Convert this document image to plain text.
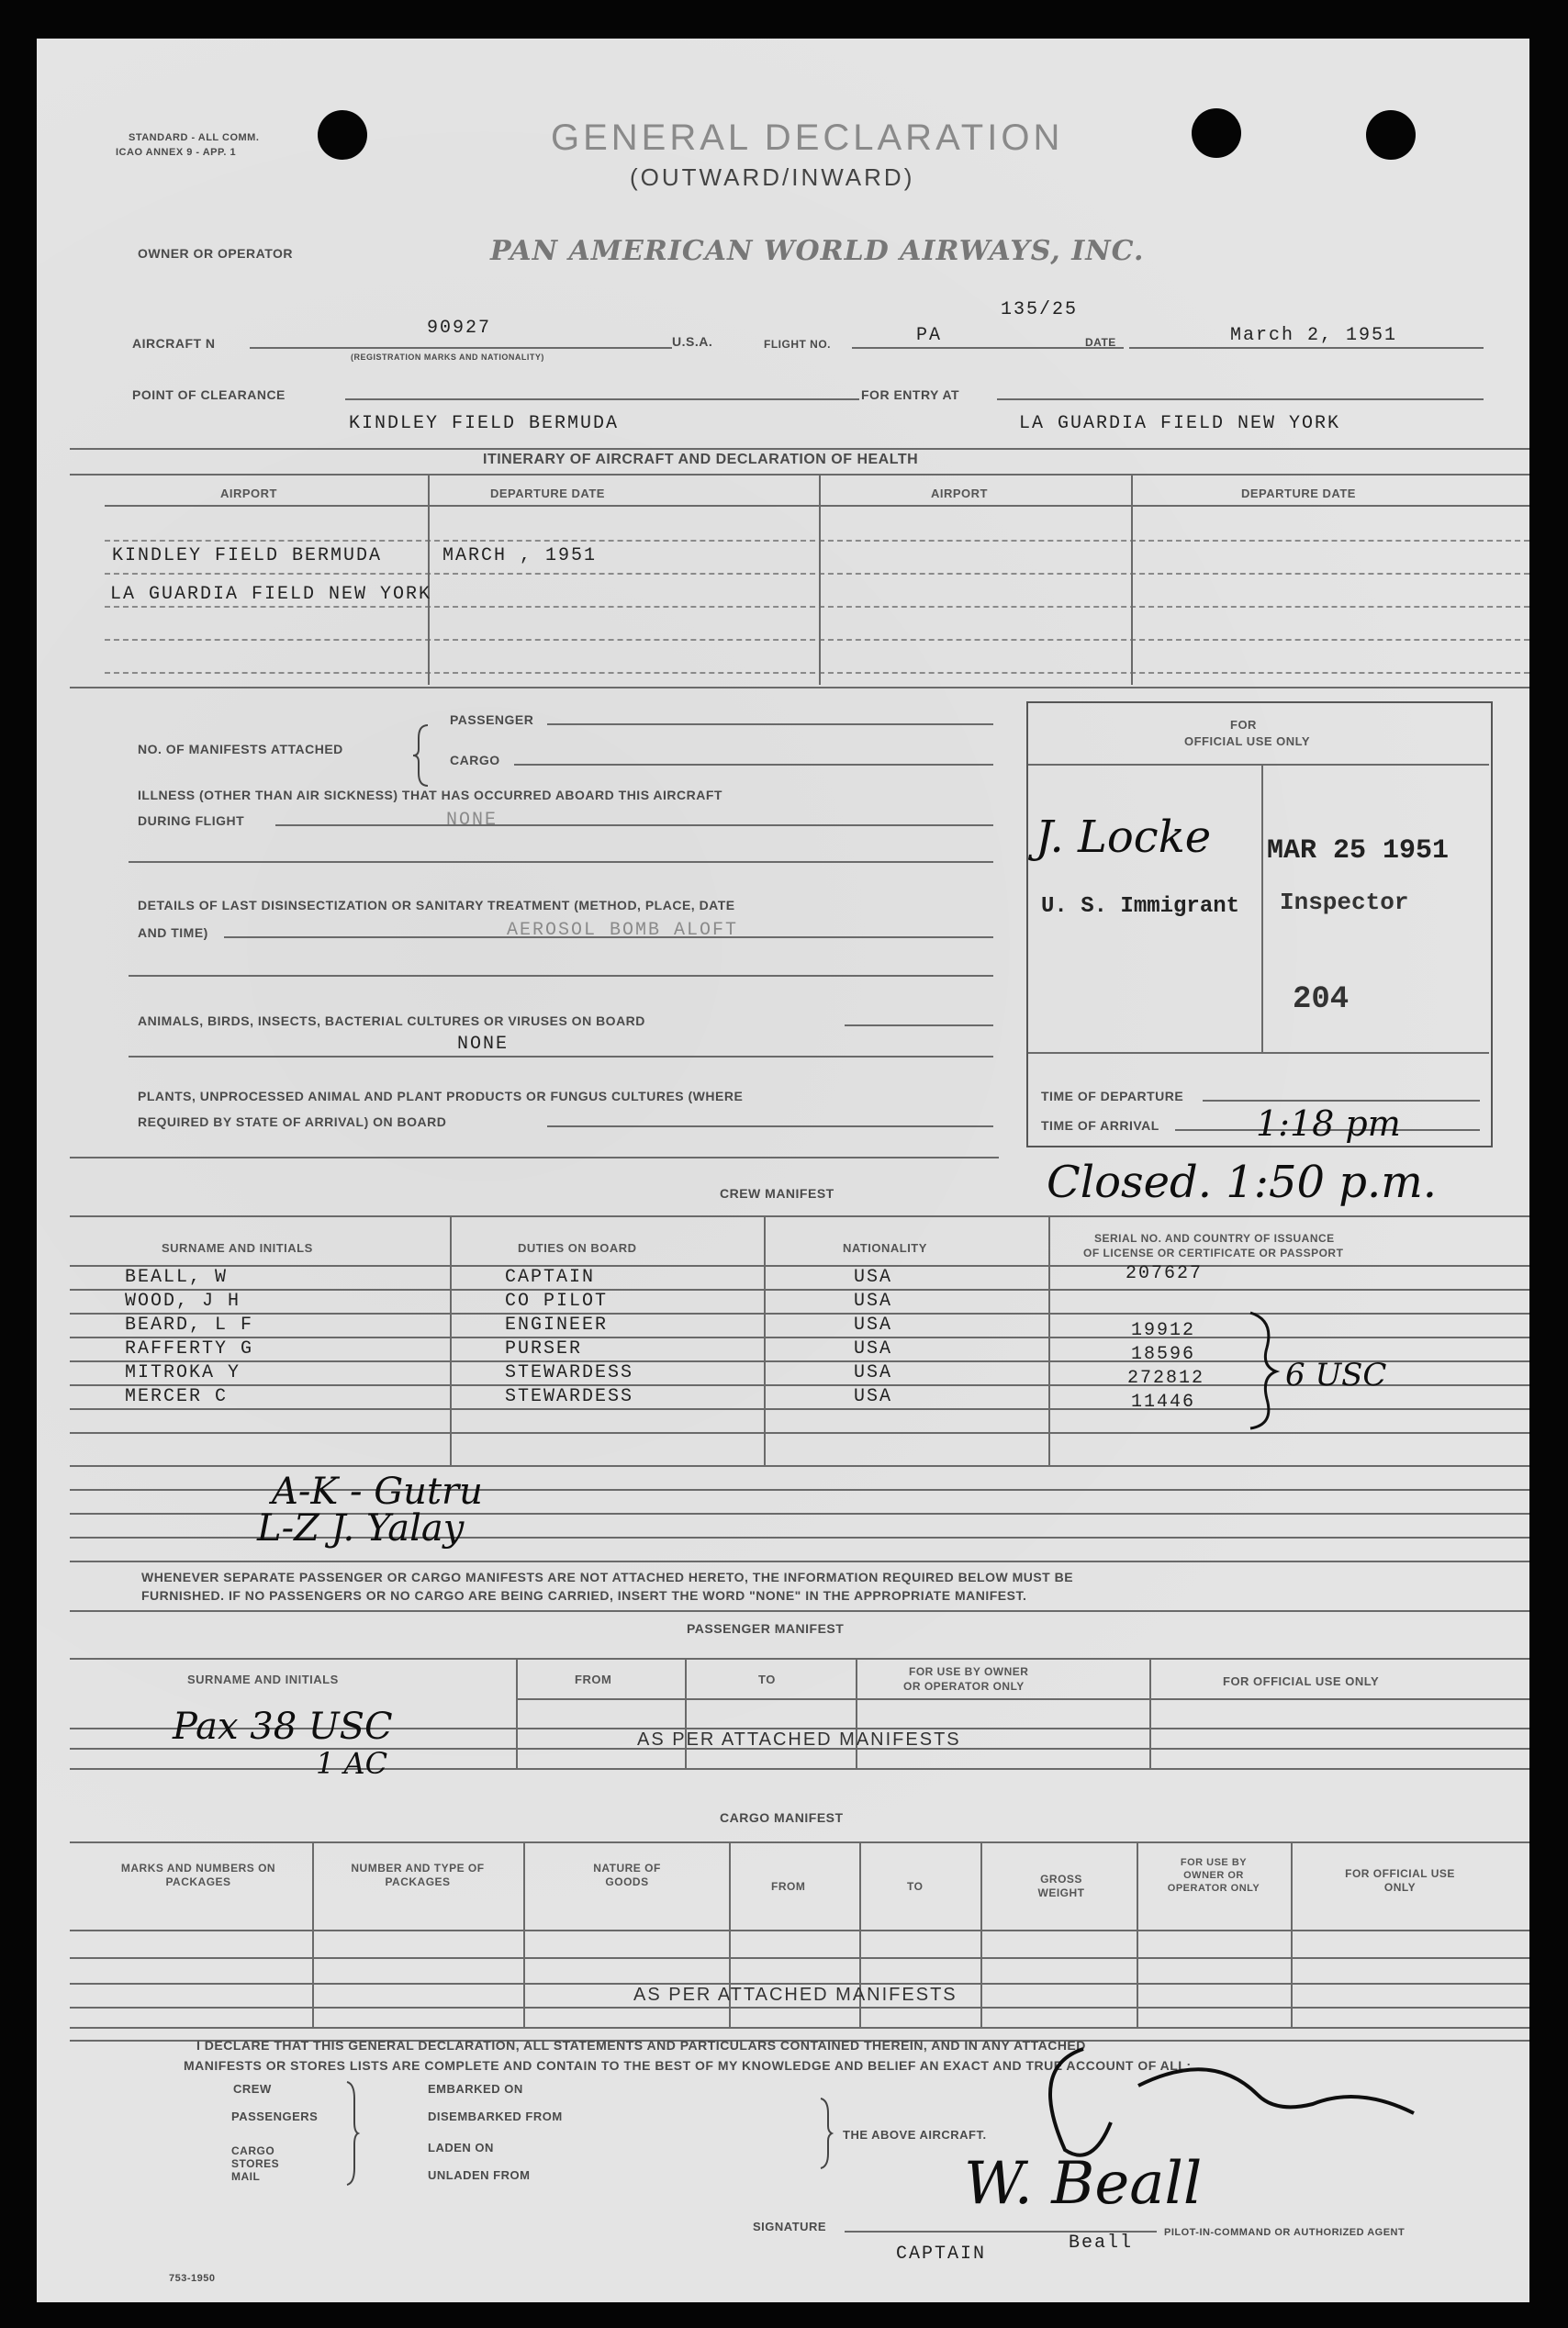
STANDARD - ALL COMM.
ICAO ANNEX 9 - APP. 1	GENERAL DECLARATION
(OUTWARD/INWARD)
OWNER OR OPERATOR	PAN AMERICAN WORLD AIRWAYS, INC.
AIRCRAFT N
90927
(REGISTRATION MARKS AND NATIONALITY)
U.S.A.	FLIGHT NO.	PA
135/25
DATE	March 2, 1951
POINT OF CLEARANCE	FOR ENTRY AT
KINDLEY FIELD BERMUDA	LA GUARDIA FIELD NEW YORK
ITINERARY OF AIRCRAFT AND DECLARATION OF HEALTH
AIRPORT	DEPARTURE DATE	AIRPORT	DEPARTURE DATE
KINDLEY FIELD BERMUDA	MARCH , 1951
LA GUARDIA FIELD NEW YORK
NO. OF MANIFESTS ATTACHED
PASSENGER
CARGO
ILLNESS (OTHER THAN AIR SICKNESS) THAT HAS OCCURRED ABOARD THIS AIRCRAFT
DURING FLIGHT	NONE
DETAILS OF LAST DISINSECTIZATION OR SANITARY TREATMENT (METHOD, PLACE, DATE
AND TIME)	AEROSOL BOMB ALOFT
ANIMALS, BIRDS, INSECTS, BACTERIAL CULTURES OR VIRUSES ON BOARD
NONE
PLANTS, UNPROCESSED ANIMAL AND PLANT PRODUCTS OR FUNGUS CULTURES (WHERE
REQUIRED BY STATE OF ARRIVAL) ON BOARD
FOR
OFFICIAL USE ONLY
J. Locke MAR 25 1951
U. S. Immigrant Inspector
204
TIME OF DEPARTURE
TIME OF ARRIVAL	1:18 pm
CREW MANIFEST	Closed. 1:50 p.m.
SURNAME AND INITIALS	DUTIES ON BOARD	NATIONALITY
SERIAL NO. AND COUNTRY OF ISSUANCE
OF LICENSE OR CERTIFICATE OR PASSPORT
BEALL, W	CAPTAIN	USA	207627
WOOD, J H	CO PILOT	USA
BEARD, L F	ENGINEER	USA	19912
RAFFERTY G	PURSER	USA	18596
MITROKA Y	STEWARDESS	USA	272812
MERCER C	STEWARDESS	USA	11446
6 USC
A-K - Gutru
L-Z J. Yalay
WHENEVER SEPARATE PASSENGER OR CARGO MANIFESTS ARE NOT ATTACHED HERETO, THE INFORMATION REQUIRED BELOW MUST BE
FURNISHED. IF NO PASSENGERS OR NO CARGO ARE BEING CARRIED, INSERT THE WORD "NONE" IN THE APPROPRIATE MANIFEST.
PASSENGER MANIFEST
SURNAME AND INITIALS	FROM	TO
FOR USE BY OWNER
OR OPERATOR ONLY	FOR OFFICIAL USE ONLY
AS PER ATTACHED MANIFESTS
Pax 38 USC
1 AC
CARGO MANIFEST
MARKS AND NUMBERS ON PACKAGES
NUMBER AND TYPE OF PACKAGES
NATURE OF GOODS	FROM	TO
GROSS WEIGHT
FOR USE BY OWNER OR OPERATOR ONLY
FOR OFFICIAL USE ONLY
AS PER ATTACHED MANIFESTS
I DECLARE THAT THIS GENERAL DECLARATION, ALL STATEMENTS AND PARTICULARS CONTAINED THEREIN, AND IN ANY ATTACHED
MANIFESTS OR STORES LISTS ARE COMPLETE AND CONTAIN TO THE BEST OF MY KNOWLEDGE AND BELIEF AN EXACT AND TRUE ACCOUNT OF ALL:
CREW
PASSENGERS
CARGO
STORES
MAIL
EMBARKED ON
DISEMBARKED FROM
LADEN ON
UNLADEN FROM
THE ABOVE AIRCRAFT.
SIGNATURE	PILOT-IN-COMMAND OR AUTHORIZED AGENT
W. Beall
Beall
CAPTAIN
753-1950
